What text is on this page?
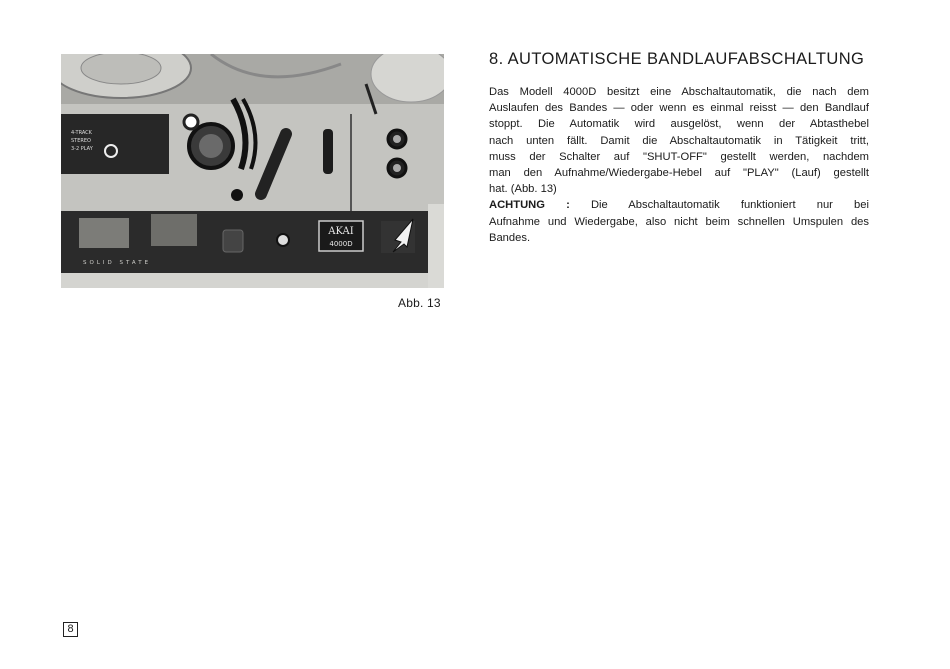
4-TRACK
STEREO
3-2 PLAY
AKAI
4000D
SOLID STATE
Abb. 13
8. AUTOMATISCHE BANDLAUFABSCHALTUNG

Das Modell 4000D besitzt eine Abschaltautomatik, die nach dem

Auslaufen des Bandes — oder wenn es einmal reisst — den Bandlauf

stoppt. Die Automatik wird ausgelöst, wenn der Abtasthebel

nach unten fällt. Damit die Abschaltautomatik in Tätigkeit tritt,

muss der Schalter auf "SHUT-OFF" gestellt werden, nachdem

man den Aufnahme/Wiedergabe-Hebel auf "PLAY" (Lauf) gestellt

hat. (Abb. 13)

ACHTUNG : Die Abschaltautomatik funktioniert nur bei

Aufnahme und Wiedergabe, also nicht beim schnellen Umspulen des

Bandes.

8
